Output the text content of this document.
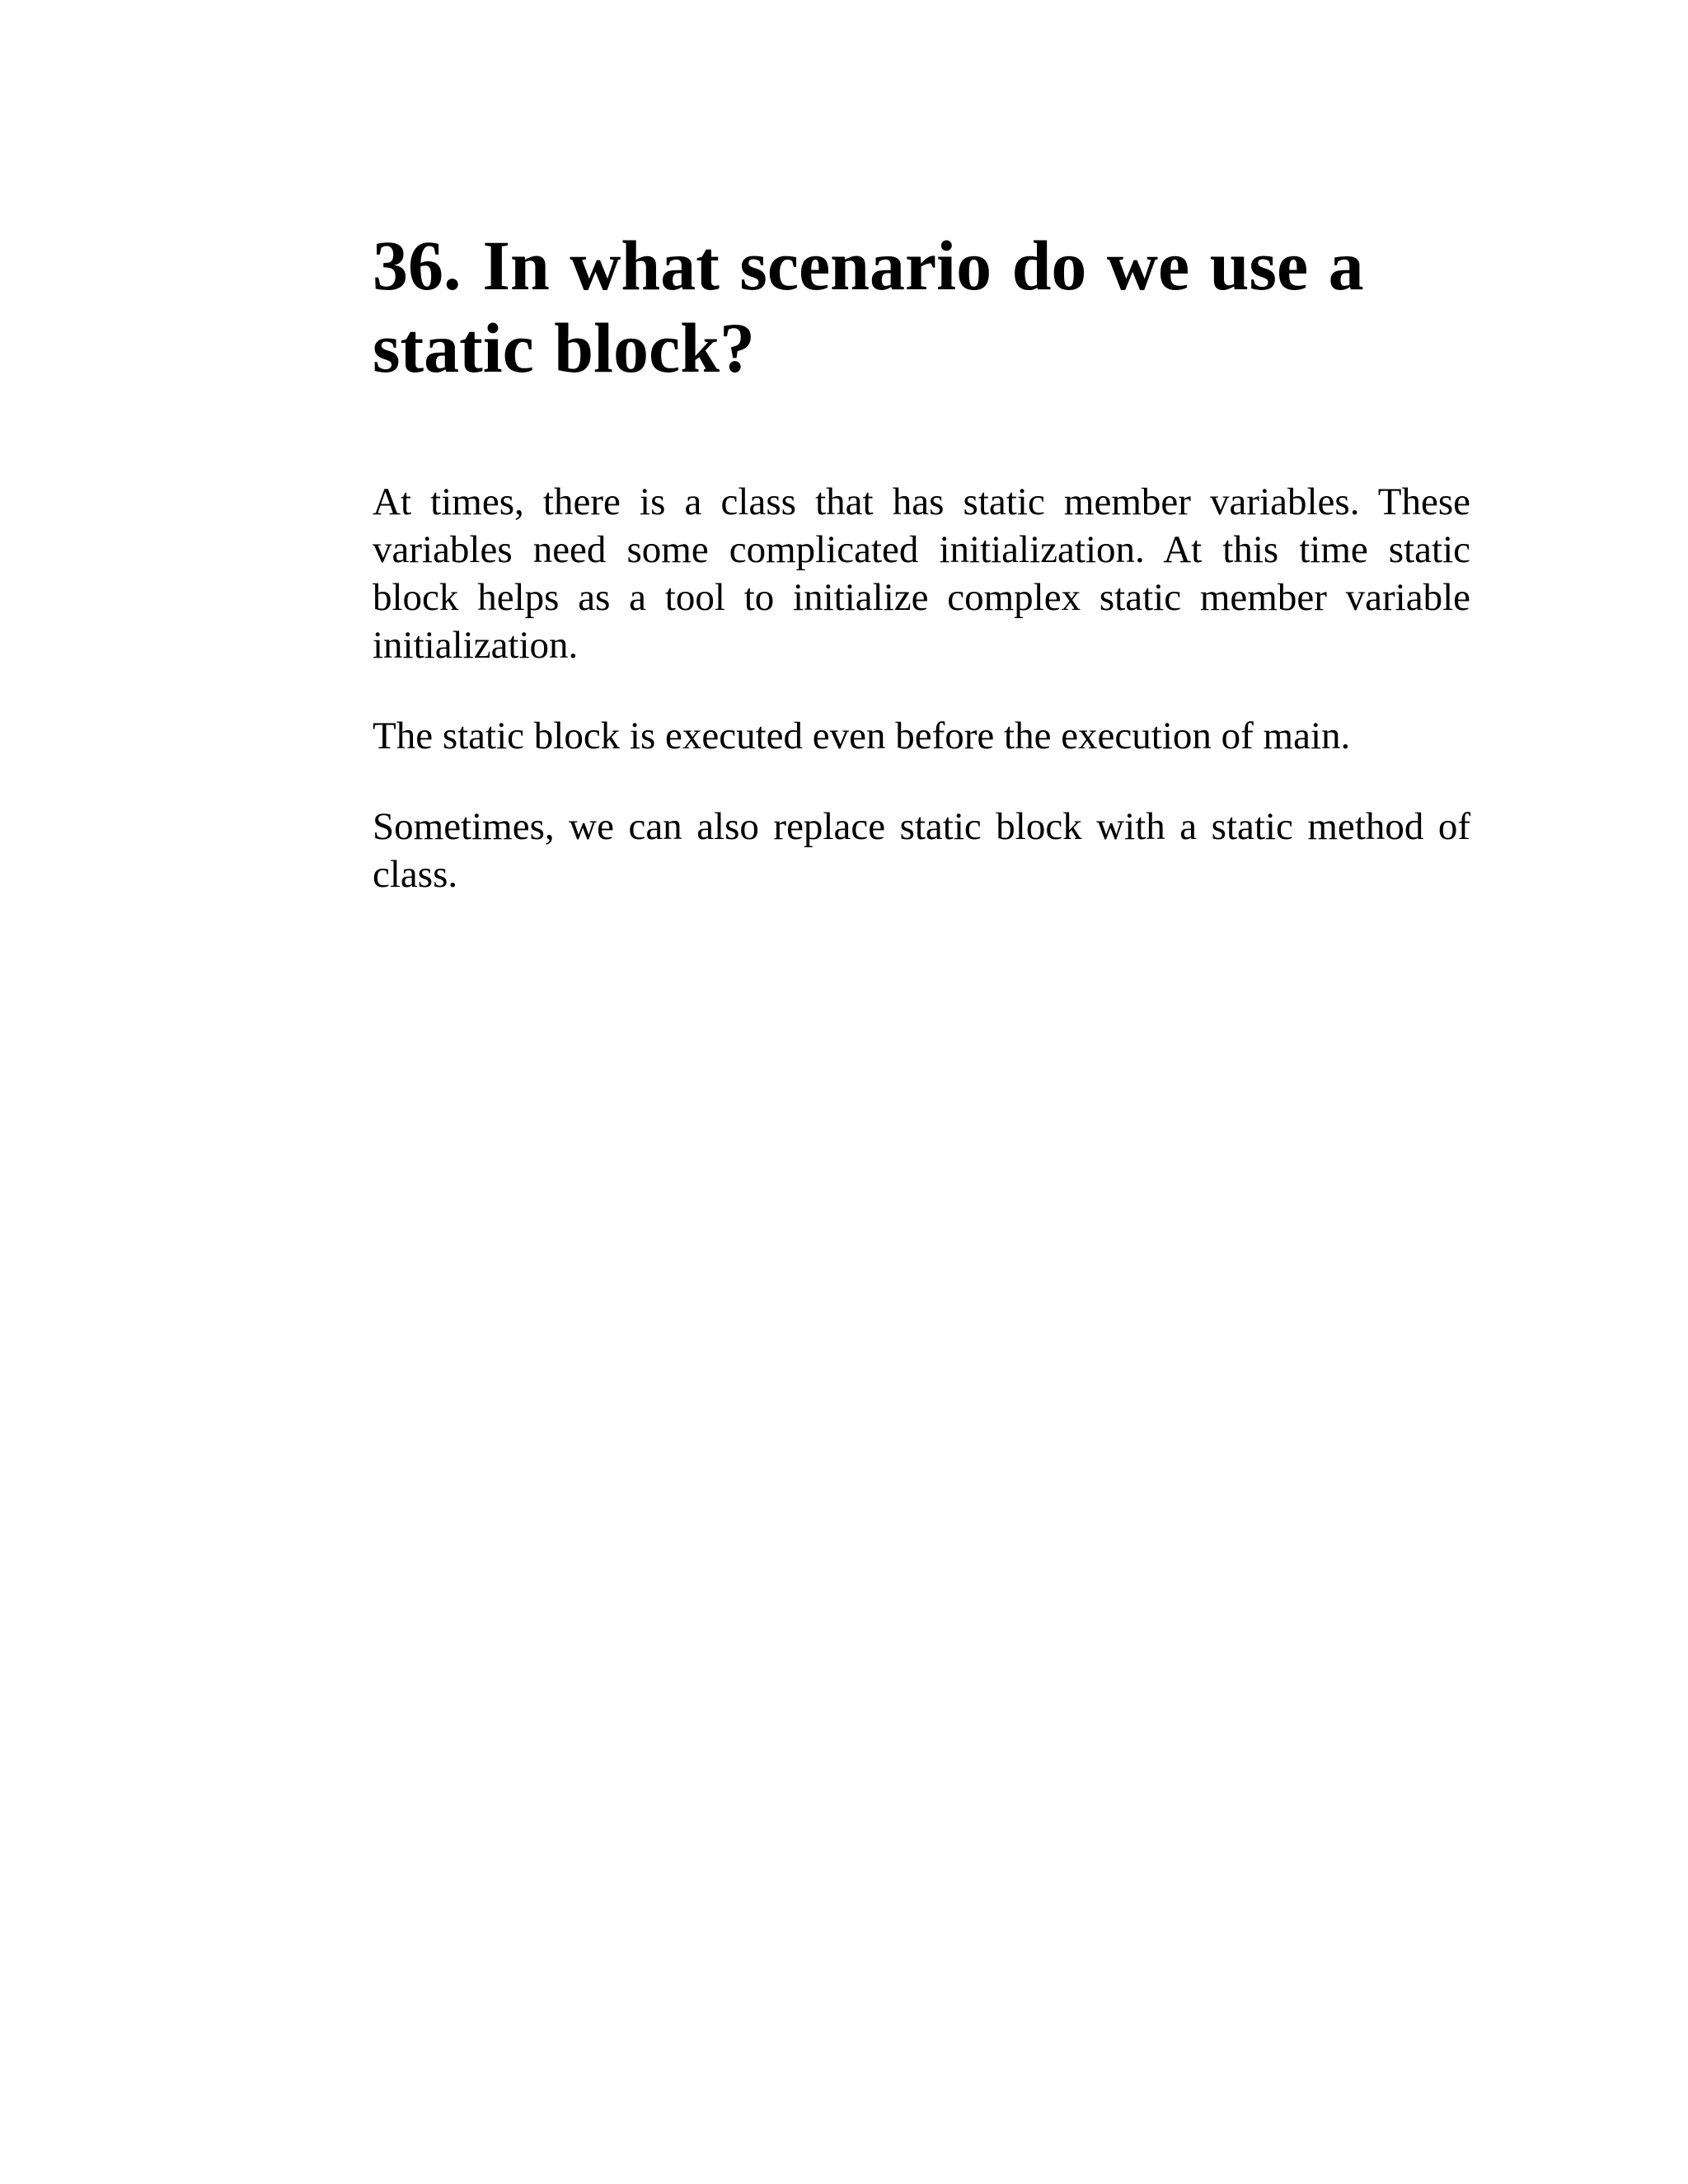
36. In what scenario do we use a static block?

At times, there is a class that has static member variables. These variables need some complicated initialization. At this time static block helps as a tool to initialize complex static member variable initialization.

The static block is executed even before the execution of main.

Sometimes, we can also replace static block with a static method of class.
